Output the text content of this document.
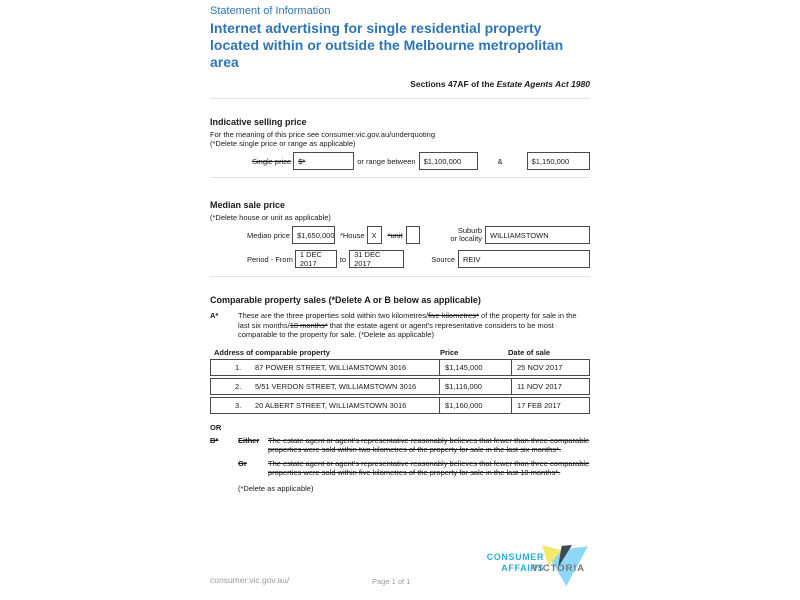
Statement of Information
Internet advertising for single residential property located within or outside the Melbourne metropolitan area
Sections 47AF of the Estate Agents Act 1980
Indicative selling price
For the meaning of this price see consumer.vic.gov.au/underquoting
(*Delete single price or range as applicable)
Single price $*	or range between $1,100,000	&	$1,150,000
Median sale price
(*Delete house or unit as applicable)
Median price $1,650,000 *House X *unit
Suburb
or locality WILLIAMSTOWN
Period - From 1 DEC 2017	to 31 DEC 2017	Source REIV
Comparable property sales (*Delete A or B below as applicable)
A*	These are the three properties sold within two kilometres/five kilometres* of the property for sale in the last six months/18 months* that the estate agent or agent's representative considers to be most comparable to the property for sale. (*Delete as applicable)
Address of comparable property	Price	Date of sale
1.	87 POWER STREET, WILLIAMSTOWN 3016	$1,145,000	25 NOV 2017
2.	5/51 VERDON STREET, WILLIAMSTOWN 3016	$1,116,000	11 NOV 2017
3.	20 ALBERT STREET, WILLIAMSTOWN 3016	$1,160,000	17 FEB 2017
OR
B*	Either	The estate agent or agent's representative reasonably believes that fewer than three comparable properties were sold within two kilometres of the property for sale in the last six months*.
Or	The estate agent or agent's representative reasonably believes that fewer than three comparable properties were sold within five kilometres of the property for sale in the last 18 months*.
(*Delete as applicable)
consumer.vic.gov.au/	Page 1 of 1
CONSUMER
AFFAIRS
VICTORIA
